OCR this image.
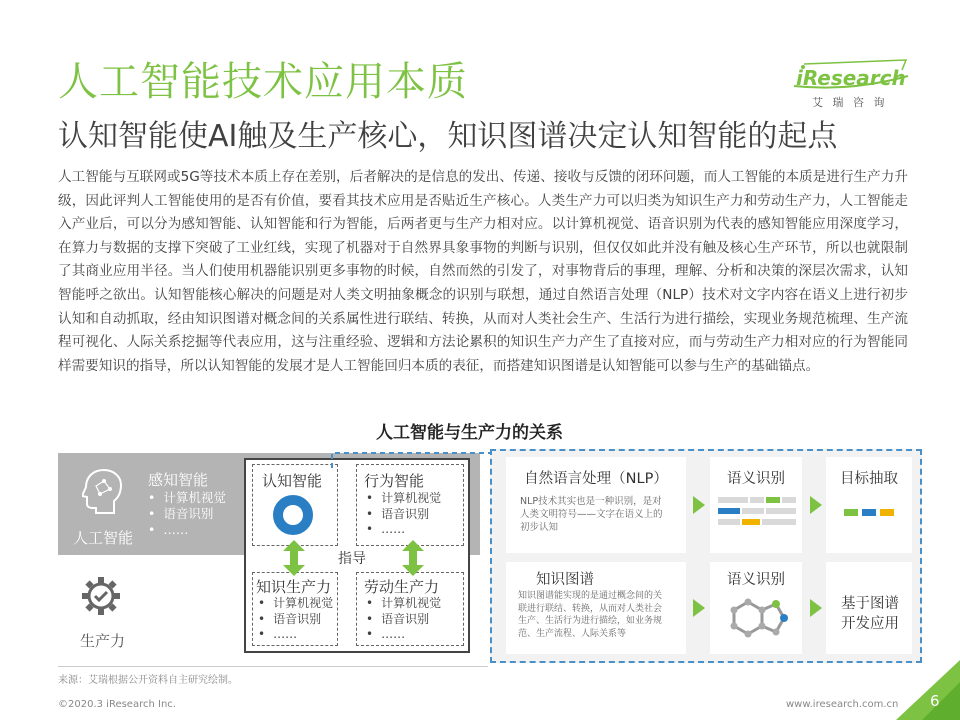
人工智能技术应用本质
认知智能使AI触及生产核心，知识图谱决定认知智能的起点
iResearch
艾 瑞 咨 询

人工智能与互联网或5G等技术本质上存在差别，后者解决的是信息的发出、传递、接收与反馈的闭环问题，而人工智能的本质是进行生产力升级，因此评判人工智能使用的是否有价值，要看其技术应用是否贴近生产核心。人类生产力可以归类为知识生产力和劳动生产力，人工智能走入产业后，可以分为感知智能、认知智能和行为智能，后两者更与生产力相对应。以计算机视觉、语音识别为代表的感知智能应用深度学习，在算力与数据的支撑下突破了工业红线，实现了机器对于自然界具象事物的判断与识别，但仅仅如此并没有触及核心生产环节，所以也就限制了其商业应用半径。当人们使用机器能识别更多事物的时候，自然而然的引发了，对事物背后的事理，理解、分析和决策的深层次需求，认知智能呼之欲出。认知智能核心解决的问题是对人类文明抽象概念的识别与联想，通过自然语言处理（NLP）技术对文字内容在语义上进行初步认知和自动抓取，经由知识图谱对概念间的关系属性进行联结、转换，从而对人类社会生产、生活行为进行描绘，实现业务规范梳理、生产流程可视化、人际关系挖掘等代表应用，这与注重经验、逻辑和方法论累积的知识生产力产生了直接对应，而与劳动生产力相对应的行为智能同样需要知识的指导，所以认知智能的发展才是人工智能回归本质的表征，而搭建知识图谱是认知智能可以参与生产的基础锚点。

人工智能与生产力的关系
人工智能
生产力
感知智能
• 计算机视觉
• 语音识别
• ……
认知智能	行为智能
• 计算机视觉
• 语音识别
• ……
指导
知识生产力
• 计算机视觉
• 语音识别
• ……
劳动生产力
• 计算机视觉
• 语音识别
• ……
自然语言处理（NLP）
NLP技术其实也是一种识别，是对人类文明符号——文字在语义上的初步认知
语义识别	目标抽取
知识图谱
知识图谱能实现的是通过概念间的关联进行联结、转换，从而对人类社会生产、生活行为进行描绘，如业务规范、生产流程、人际关系等
语义识别
基于图谱开发应用
来源：艾瑞根据公开资料自主研究绘制。
©2020.3 iResearch Inc.	www.iresearch.com.cn 6
